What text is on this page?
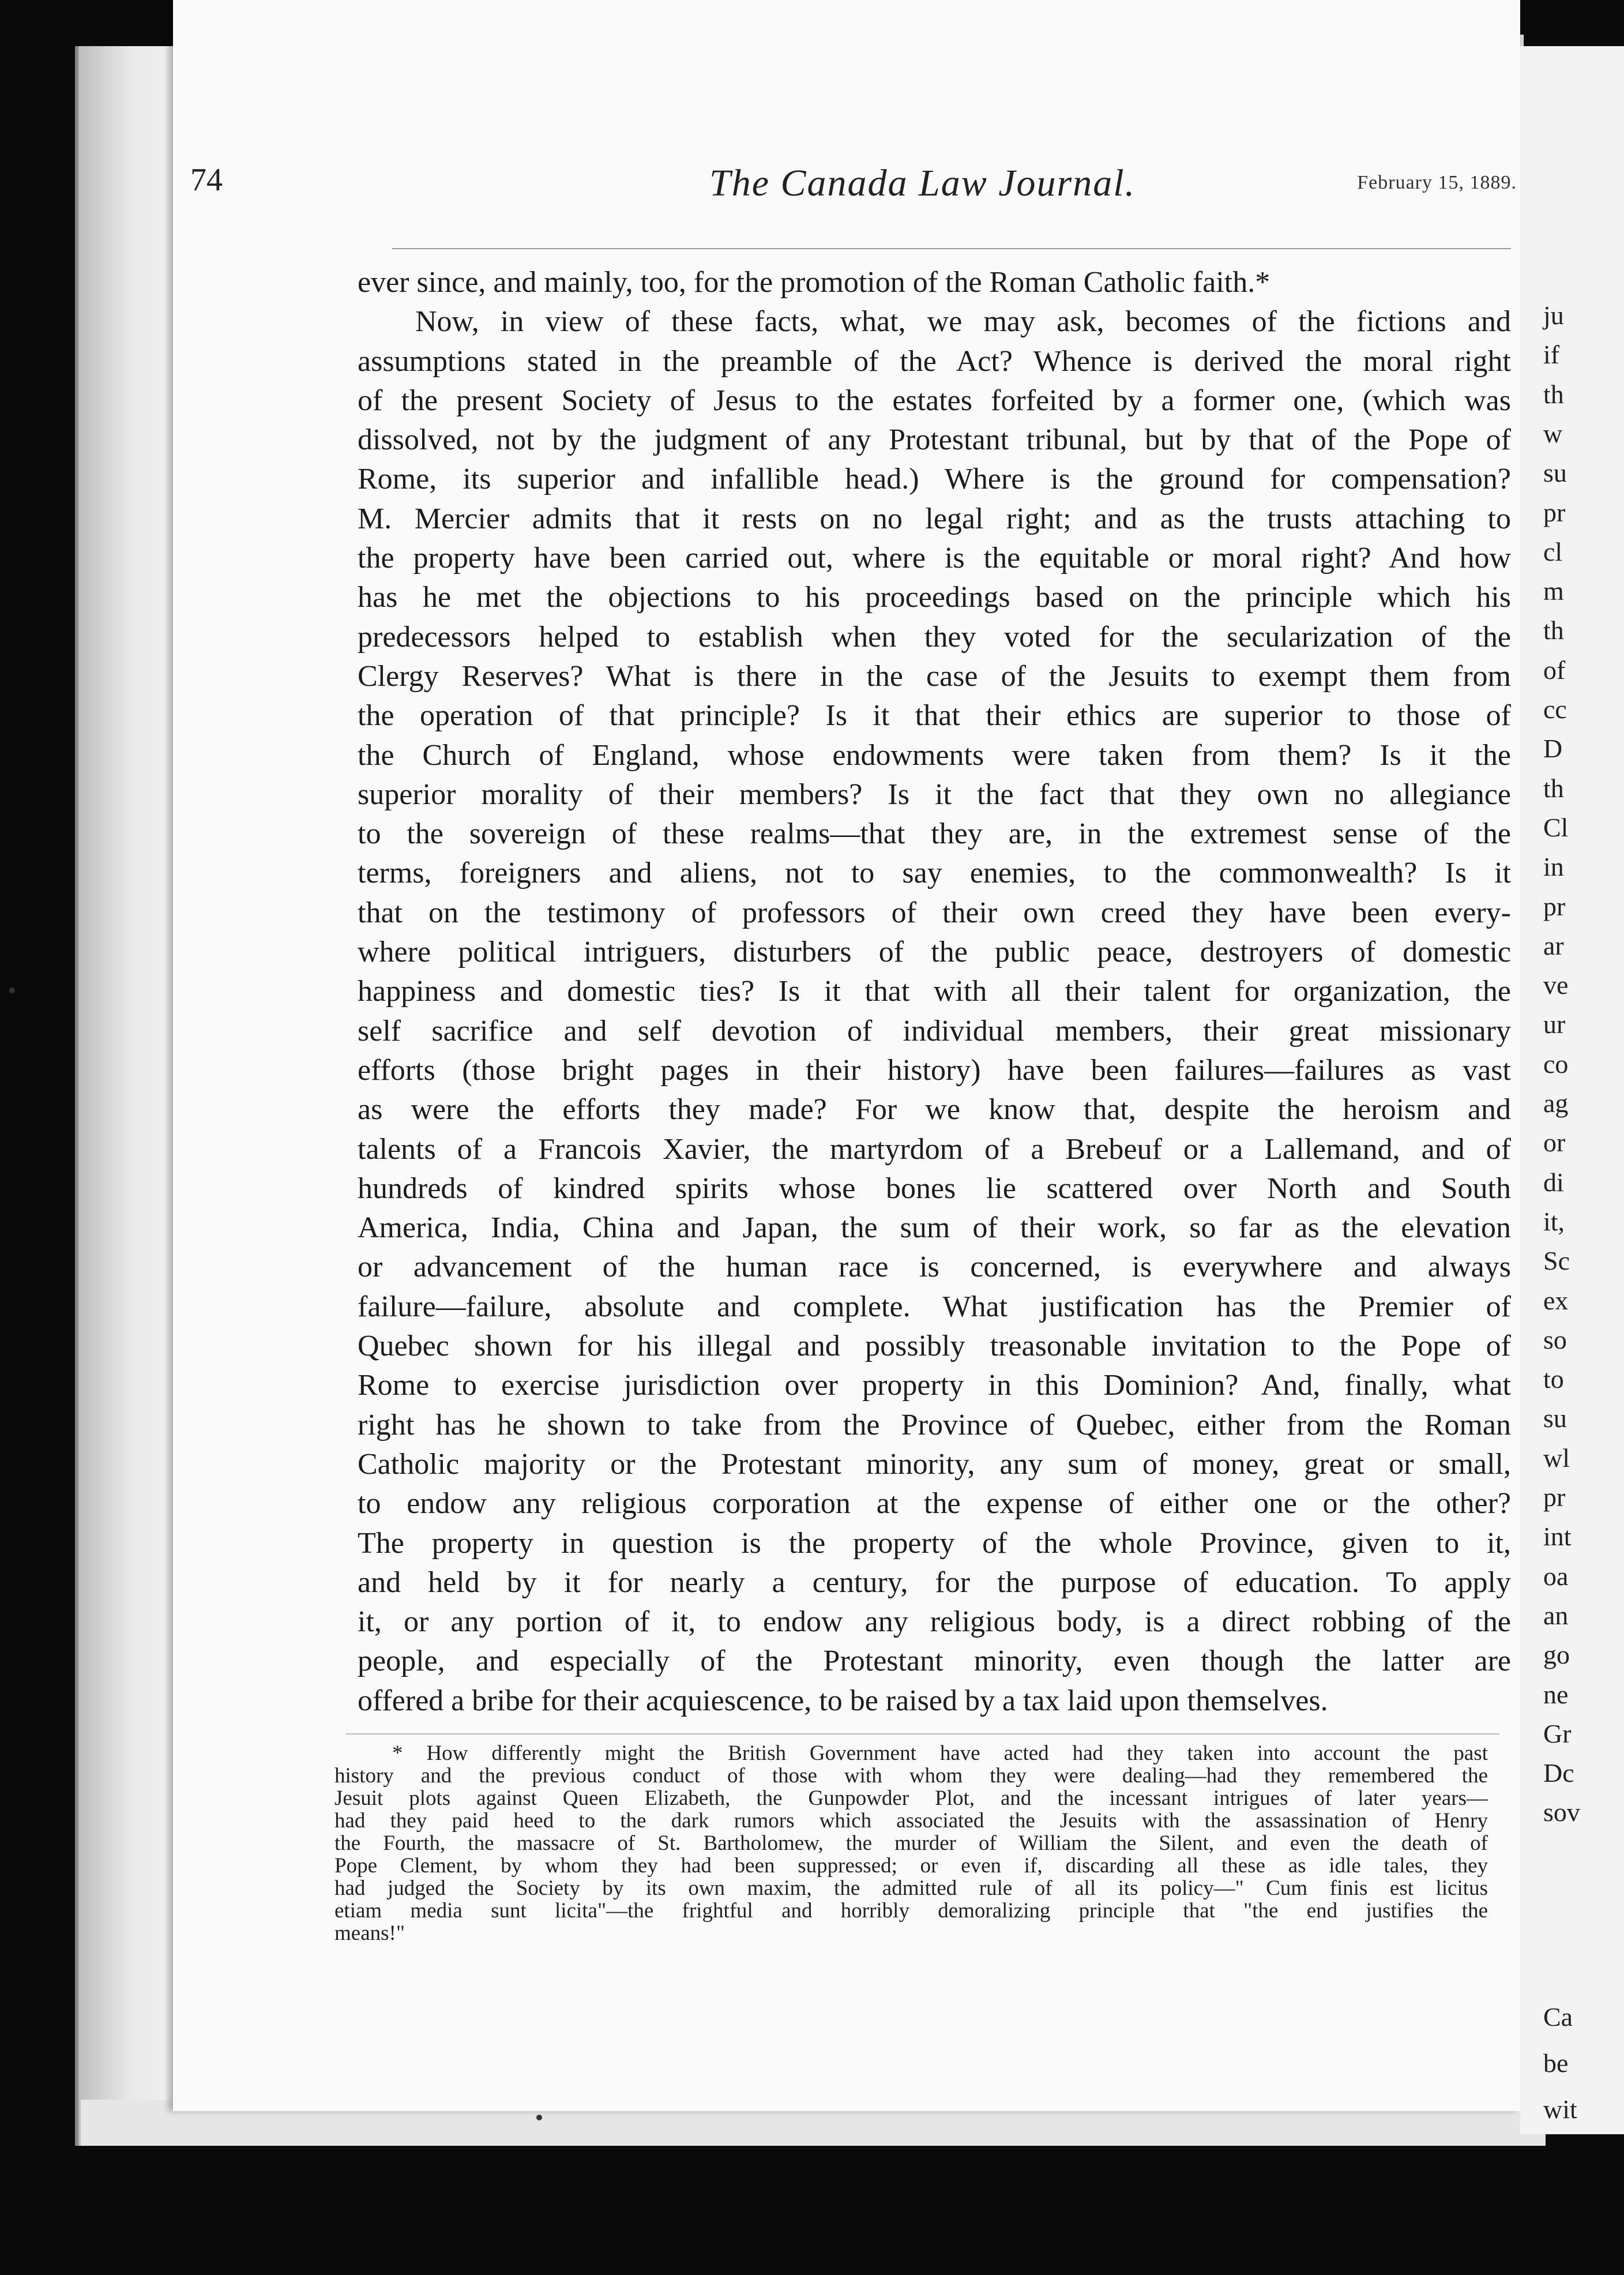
ju
if
th
w
su
pr
cl
m
th
of
cc
D
th
Cl
in
pr
ar
ve
ur
co
ag
or
di
it,
Sc
ex
so
to
su
wl
pr
int
oa
an
go
ne
Gr
Dc
sov
Ca
be
wit
74	The Canada Law Journal.	February 15, 1889.
ever since, and mainly, too, for the promotion of the Roman Catholic faith.*
Now, in view of these facts, what, we may ask, becomes of the fictions and
assumptions stated in the preamble of the Act? Whence is derived the moral right
of the present Society of Jesus to the estates forfeited by a former one, (which was
dissolved, not by the judgment of any Protestant tribunal, but by that of the Pope of
Rome, its superior and infallible head.) Where is the ground for compensation?
M. Mercier admits that it rests on no legal right; and as the trusts attaching to
the property have been carried out, where is the equitable or moral right? And how
has he met the objections to his proceedings based on the principle which his
predecessors helped to establish when they voted for the secularization of the
Clergy Reserves? What is there in the case of the Jesuits to exempt them from
the operation of that principle? Is it that their ethics are superior to those of
the Church of England, whose endowments were taken from them? Is it the
superior morality of their members? Is it the fact that they own no allegiance
to the sovereign of these realms—that they are, in the extremest sense of the
terms, foreigners and aliens, not to say enemies, to the commonwealth? Is it
that on the testimony of professors of their own creed they have been every-
where political intriguers, disturbers of the public peace, destroyers of domestic
happiness and domestic ties? Is it that with all their talent for organization, the
self sacrifice and self devotion of individual members, their great missionary
efforts (those bright pages in their history) have been failures—failures as vast
as were the efforts they made? For we know that, despite the heroism and
talents of a Francois Xavier, the martyrdom of a Brebeuf or a Lallemand, and of
hundreds of kindred spirits whose bones lie scattered over North and South
America, India, China and Japan, the sum of their work, so far as the elevation
or advancement of the human race is concerned, is everywhere and always
failure—failure, absolute and complete. What justification has the Premier of
Quebec shown for his illegal and possibly treasonable invitation to the Pope of
Rome to exercise jurisdiction over property in this Dominion? And, finally, what
right has he shown to take from the Province of Quebec, either from the Roman
Catholic majority or the Protestant minority, any sum of money, great or small,
to endow any religious corporation at the expense of either one or the other?
The property in question is the property of the whole Province, given to it,
and held by it for nearly a century, for the purpose of education. To apply
it, or any portion of it, to endow any religious body, is a direct robbing of the
people, and especially of the Protestant minority, even though the latter are
offered a bribe for their acquiescence, to be raised by a tax laid upon themselves.
* How differently might the British Government have acted had they taken into account the past
history and the previous conduct of those with whom they were dealing—had they remembered the
Jesuit plots against Queen Elizabeth, the Gunpowder Plot, and the incessant intrigues of later years—
had they paid heed to the dark rumors which associated the Jesuits with the assassination of Henry
the Fourth, the massacre of St. Bartholomew, the murder of William the Silent, and even the death of
Pope Clement, by whom they had been suppressed; or even if, discarding all these as idle tales, they
had judged the Society by its own maxim, the admitted rule of all its policy—" Cum finis est licitus
etiam media sunt licita"—the frightful and horribly demoralizing principle that "the end justifies the
means!"
